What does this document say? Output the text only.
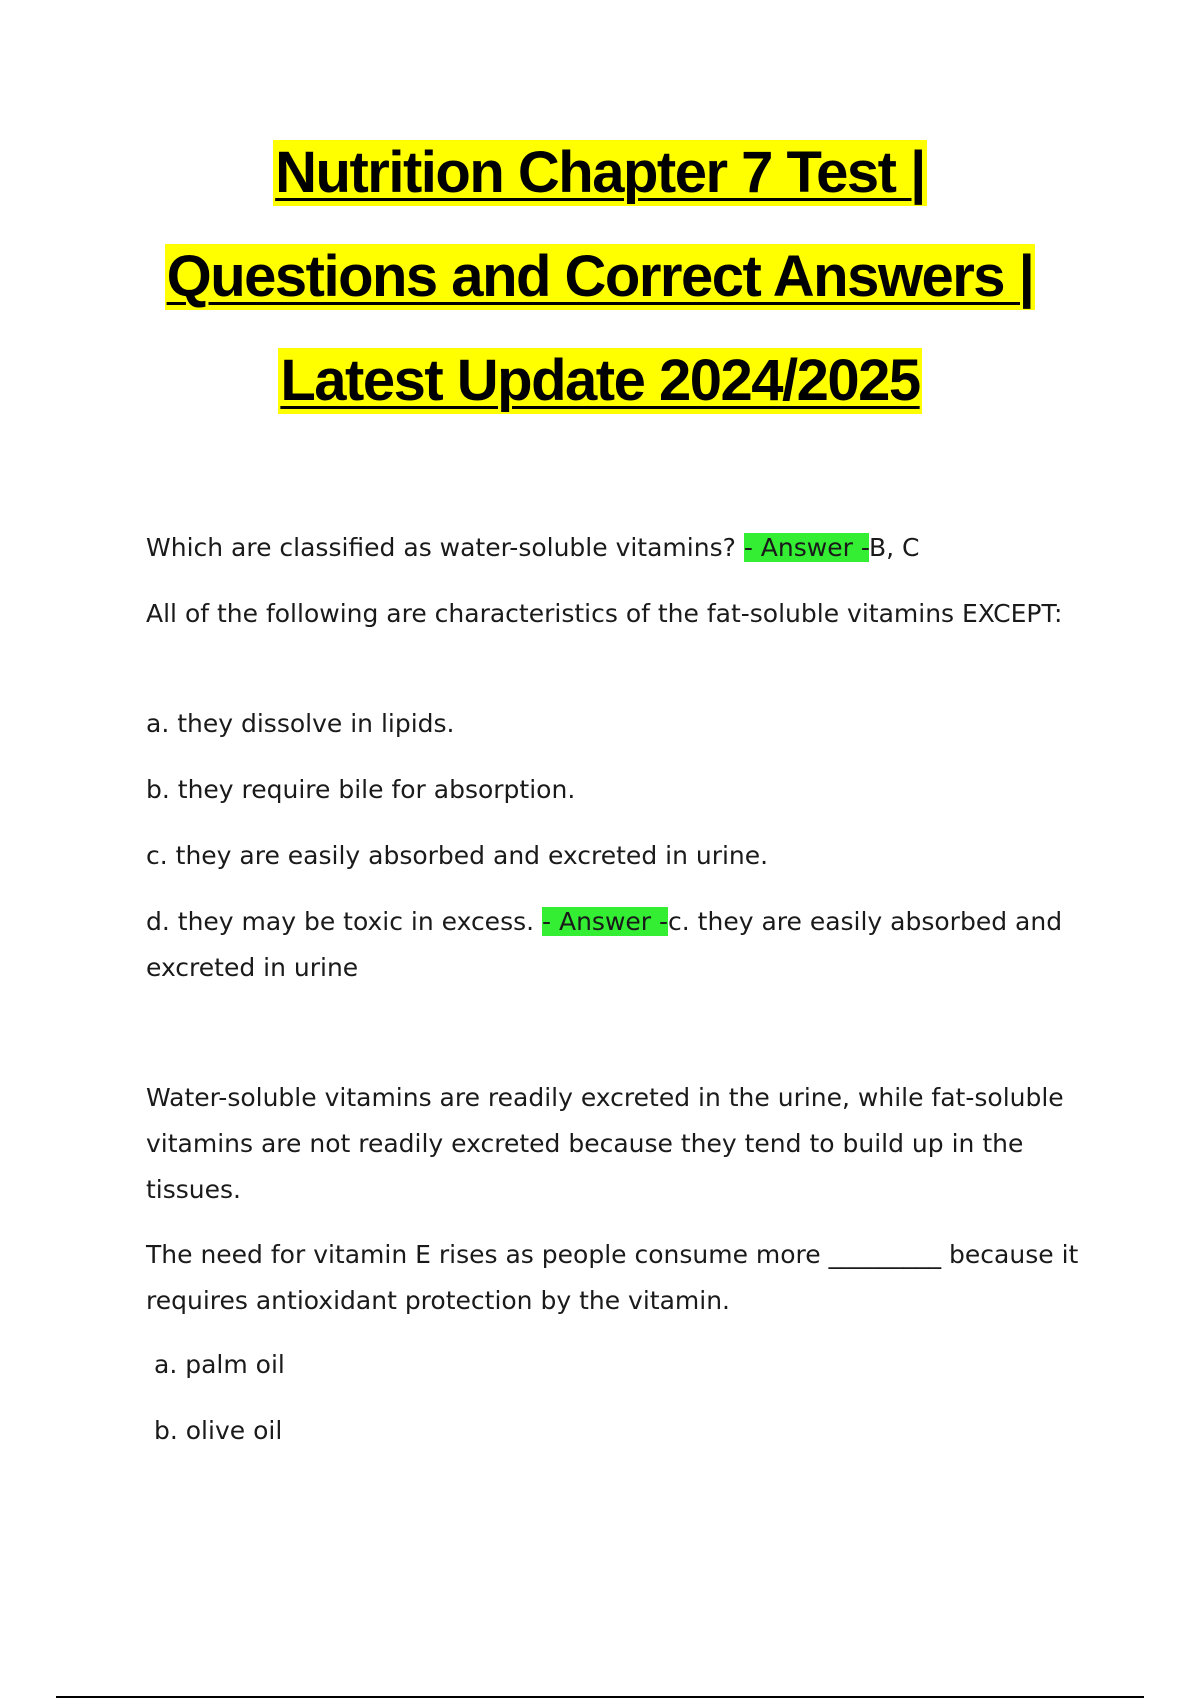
Nutrition Chapter 7 Test |
Questions and Correct Answers |
Latest Update 2024/2025
Which are classified as water-soluble vitamins? - Answer -B, C
All of the following are characteristics of the fat-soluble vitamins EXCEPT:
a. they dissolve in lipids.
b. they require bile for absorption.
c. they are easily absorbed and excreted in urine.
d. they may be toxic in excess. - Answer -c. they are easily absorbed and excreted in urine
Water-soluble vitamins are readily excreted in the urine, while fat-soluble vitamins are not readily excreted because they tend to build up in the tissues.
The need for vitamin E rises as people consume more _________ because it requires antioxidant protection by the vitamin.
a. palm oil
b. olive oil
